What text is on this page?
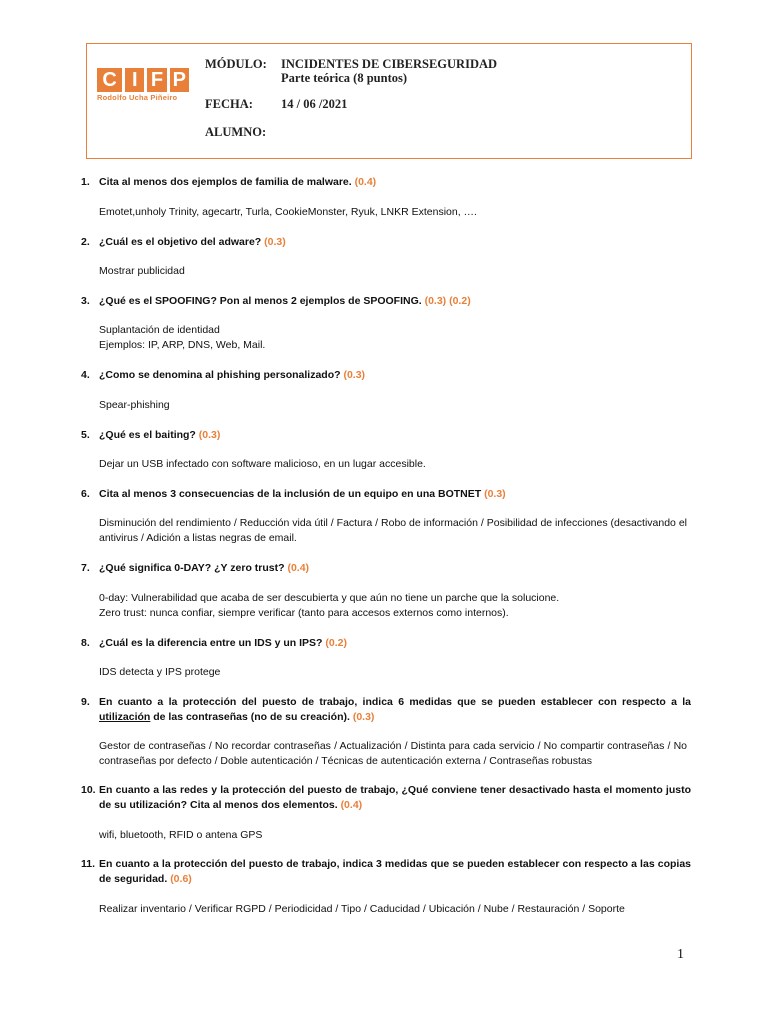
C I F P
Rodolfo Ucha Piñeiro
MÓDULO: INCIDENTES DE CIBERSEGURIDAD
Parte teórica (8 puntos)
FECHA: 14 / 06 /2021
ALUMNO:
1. Cita al menos dos ejemplos de familia de malware. (0.4)
Emotet,unholy Trinity, agecartr, Turla, CookieMonster, Ryuk, LNKR Extension, ….
2. ¿Cuál es el objetivo del adware? (0.3)
Mostrar publicidad
3. ¿Qué es el SPOOFING? Pon al menos 2 ejemplos de SPOOFING. (0.3) (0.2)
Suplantación de identidad
Ejemplos: IP, ARP, DNS, Web, Mail.
4. ¿Como se denomina al phishing personalizado? (0.3)
Spear-phishing
5. ¿Qué es el baiting? (0.3)
Dejar un USB infectado con software malicioso, en un lugar accesible.
6. Cita al menos 3 consecuencias de la inclusión de un equipo en una BOTNET (0.3)
Disminución del rendimiento / Reducción vida útil / Factura / Robo de información / Posibilidad de infecciones (desactivando el antivirus / Adición a listas negras de email.
7. ¿Qué significa 0-DAY? ¿Y zero trust? (0.4)
0-day: Vulnerabilidad que acaba de ser descubierta y que aún no tiene un parche que la solucione.
Zero trust: nunca confiar, siempre verificar (tanto para accesos externos como internos).
8. ¿Cuál es la diferencia entre un IDS y un IPS? (0.2)
IDS detecta y IPS protege
9. En cuanto a la protección del puesto de trabajo, indica 6 medidas que se pueden establecer con respecto a la utilización de las contraseñas (no de su creación). (0.3)
Gestor de contraseñas / No recordar contraseñas / Actualización / Distinta para cada servicio / No compartir contraseñas / No contraseñas por defecto / Doble autenticación / Técnicas de autenticación externa / Contraseñas robustas
10. En cuanto a las redes y la protección del puesto de trabajo, ¿Qué conviene tener desactivado hasta el momento justo de su utilización? Cita al menos dos elementos. (0.4)
wifi, bluetooth, RFID o antena GPS
11. En cuanto a la protección del puesto de trabajo, indica 3 medidas que se pueden establecer con respecto a las copias de seguridad. (0.6)
Realizar inventario / Verificar RGPD / Periodicidad / Tipo / Caducidad / Ubicación / Nube / Restauración / Soporte
1
